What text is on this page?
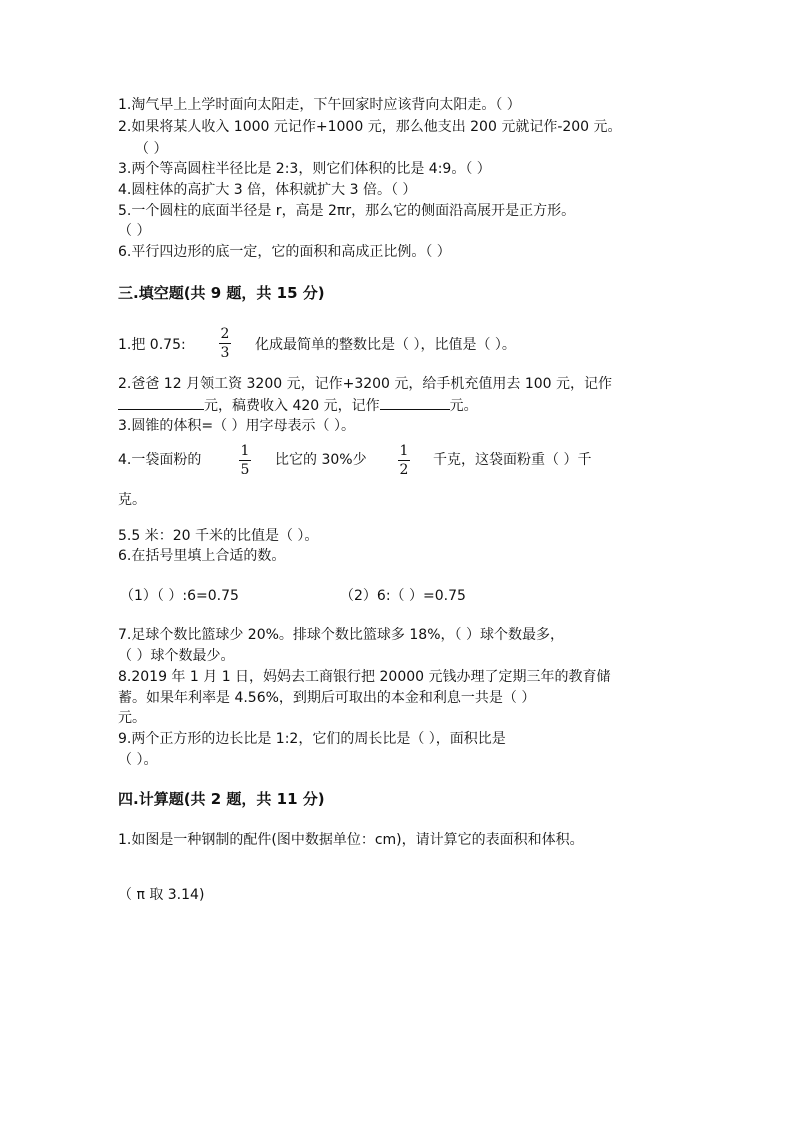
1.淘气早上上学时面向太阳走，下午回家时应该背向太阳走。（ ）
2.如果将某人收入 1000 元记作+1000 元，那么他支出 200 元就记作-200 元。
（ ）
3.两个等高圆柱半径比是 2:3，则它们体积的比是 4:9。（ ）
4.圆柱体的高扩大 3 倍，体积就扩大 3 倍。（ ）
5.一个圆柱的底面半径是 r，高是 2πr，那么它的侧面沿高展开是正方形。
（ ）
6.平行四边形的底一定，它的面积和高成正比例。（ ）
三.填空题(共 9 题，共 15 分)
1.把 0.75:
2
3 化成最简单的整数比是（ ），比值是（ ）。
2.爸爸 12 月领工资 3200 元，记作+3200 元，给手机充值用去 100 元，记作
元，稿费收入 420 元，记作	元。
3.圆锥的体积=（ ）用字母表示（ ）。
4.一袋面粉的
1
5
比它的 30%少
1
2
千克，这袋面粉重（ ）千
克。
5.5 米：20 千米的比值是（ ）。
6.在括号里填上合适的数。
（1）（ ）:6=0.75	（2）6:（ ）=0.75
7.足球个数比篮球少 20%。排球个数比篮球多 18%，（ ）球个数最多，
（ ）球个数最少。
8.2019 年 1 月 1 日，妈妈去工商银行把 20000 元钱办理了定期三年的教育储
蓄。如果年利率是 4.56%，到期后可取出的本金和利息一共是（ ）
元。
9.两个正方形的边长比是 1:2，它们的周长比是（ ），面积比是
（ ）。
四.计算题(共 2 题，共 11 分)
1.如图是一种钢制的配件(图中数据单位：cm)，请计算它的表面积和体积。
（ π 取 3.14)
